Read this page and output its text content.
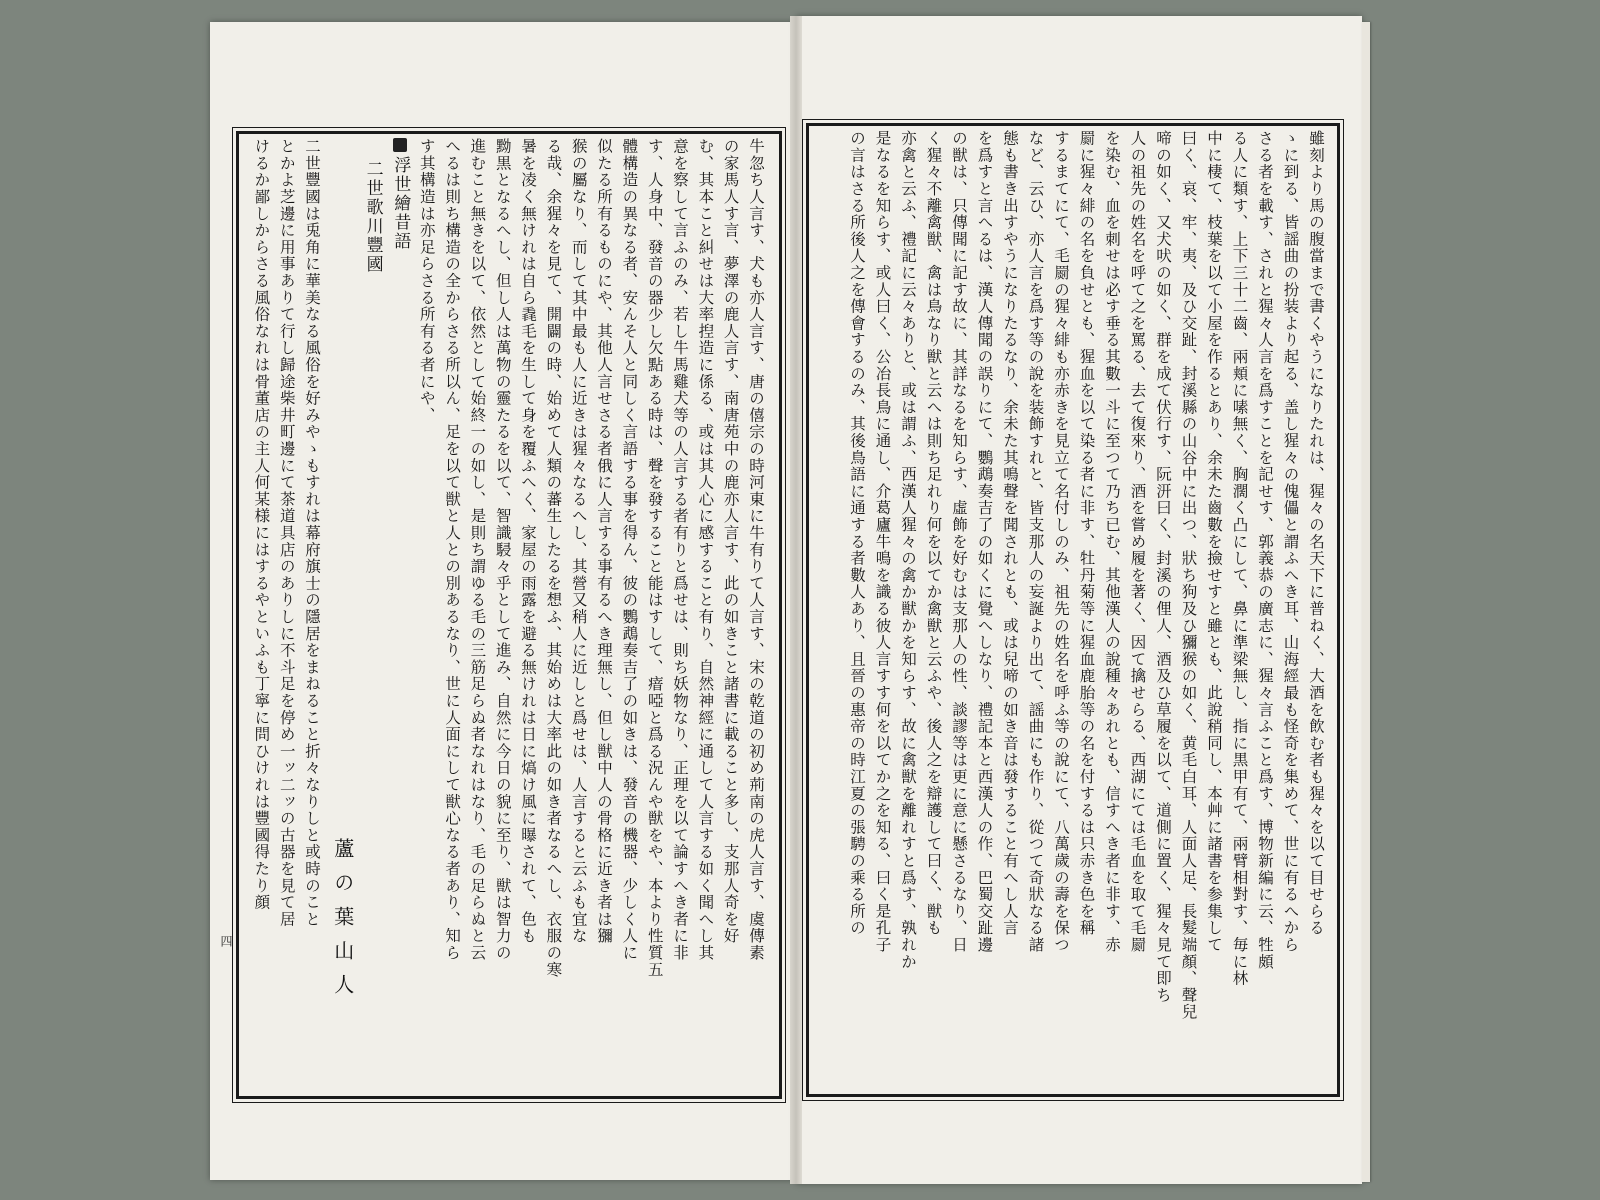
雖刻より馬の腹當まで書くやうになりたれは、猩々の名天下に普ねく、大酒を飲む者も猩々を以て目せらる
ゝに到る、皆謡曲の扮装より起る、盖し猩々の傀儡と謂ふへき耳、山海經最も怪奇を集めて、世に有るへから
さる者を載す、されと猩々人言を爲すことを記せす、郭義恭の廣志に、猩々言ふこと爲す、博物新編に云、牲頗
る人に類す、上下三十二齒、兩頬に嗉無く、胸濶く凸にして、鼻に準梁無し、指に黒甲有て、兩臂相對す、毎に林
中に棲て、枝葉を以て小屋を作るとあり、余未た齒數を撿せすと雖とも、此說稍同し、本艸に諸書を参集して
曰く、哀、牢、夷、及ひ交趾、封溪縣の山谷中に出つ、狀ち狗及ひ獼猴の如く、黄毛白耳、人面人足、長髮端顏、聲兒
啼の如く、又犬吠の如く、群を成て伏行す、阮汧曰く、封溪の俚人、酒及ひ草履を以て、道側に置く、猩々見て即ち
人の祖先の姓名を呼て之を罵る、去て復來り、酒を嘗め履を著く、因て擒せらる、西湖にては毛血を取て毛罽
を染む、血を刺せは必す垂る其數一斗に至つて乃ち已む、其他漢人の說種々あれとも、信すへき者に非す、赤
罽に猩々緋の名を負せとも、猩血を以て染る者に非す、牡丹菊等に猩血鹿胎等の名を付するは只赤き色を稱
するまてにて、毛罽の猩々緋も亦赤きを見立て名付しのみ、祖先の姓名を呼ふ等の說にて、八萬歲の壽を保つ
など、云ひ、亦人言を爲す等の說を装飾すれと、皆支那人の妄誕より出て、謡曲にも作り、從つて奇狀なる諸
態も書き出すやうになりたるなり、余未た其鳴聲を聞されとも、或は兒啼の如き音は發すること有へし人言
を爲すと言へるは、漢人傳聞の誤りにて、鸚鵡奏吉了の如くに覺へしなり、禮記本と西漢人の作、巴蜀交趾邊
の獣は、只傳聞に記す故に、其詳なるを知らす、虛飾を好むは支那人の性、談謬等は更に意に懸さるなり、日
く猩々不離禽獣、禽は鳥なり獣と云へは則ち足れり何を以てか禽獣と云ふや、後人之を辯護して曰く、獣も
亦禽と云ふ、禮記に云々ありと、或は謂ふ、西漢人猩々の禽か獣かを知らす、故に禽獣を離れすと爲す、孰れか
是なるを知らす、或人曰く、公冶長鳥に通し、介葛廬牛鳴を識る彼人言すす何を以てか之を知る、曰く是孔子
の言はさる所後人之を傳會するのみ、其後鳥語に通する者數人あり、且晉の惠帝の時江夏の張騁の乘る所の
牛忽ち人言す、犬も亦人言す、唐の僖宗の時河東に牛有りて人言す、宋の乾道の初め荊南の虎人言す、虞傳素
の家馬人す言、夢澤の鹿人言す、南唐苑中の鹿亦人言す、此の如きこと諸書に載ること多し、支那人奇を好
む、其本こと糾せは大率揑造に係る、或は其人心に感すること有り、自然神經に通して人言する如く聞へし其
意を察して言ふのみ、若し牛馬雞犬等の人言する者有りと爲せは、則ち妖物なり、正理を以て論すへき者に非
す、人身中、發音の器少し欠點ある時は、聲を發すること能はすして、瘖啞と爲る況んや獣をや、本より性質五
體構造の異なる者、安んそ人と同しく言語する事を得ん、彼の鸚鵡奏吉了の如きは、發音の機器、少しく人に
似たる所有るものにや、其他人言せさる者俄に人言する事有るへき理無し、但し獣中人の骨格に近き者は獼
猴の屬なり、而して其中最も人に近きは猩々なるへし、其營又稍人に近しと爲せは、人言すると云ふも宜な
る哉、余猩々を見て、開闢の時、始めて人類の蕃生したるを想ふ、其始めは大率此の如き者なるへし、衣服の寒
暑を凌く無けれは自ら毳毛を生して身を覆ふへく、家屋の雨露を避る無けれは日に熇け風に曝されて、色も
黝黒となるへし、但し人は萬物の靈たるを以て、智識駸々乎として進み、自然に今日の貌に至り、獣は智力の
進むこと無きを以て、依然として始終一の如し、是則ち謂ゆる毛の三筋足らぬ者なれはなり、毛の足らぬと云
へるは則ち構造の全からさる所以ん、足を以て獣と人との別あるなり、世に人面にして獣心なる者あり、知ら
す其構造は亦足らさる所有る者にや、
浮世繪昔語
二世歌川豐國
蘆の葉山人
二世豐國は兎角に華美なる風俗を好みやゝもすれは幕府旗士の隱居をまねること折々なりしと或時のこと
とかよ芝邊に用事ありて行し歸途柴井町邊にて茶道具店のありしに不斗足を停め一ッ二ッの古器を見て居
けるか鄙しからさる風俗なれは骨董店の主人何某様にはするやといふも丁寧に問ひけれは豐國得たり顔
四
